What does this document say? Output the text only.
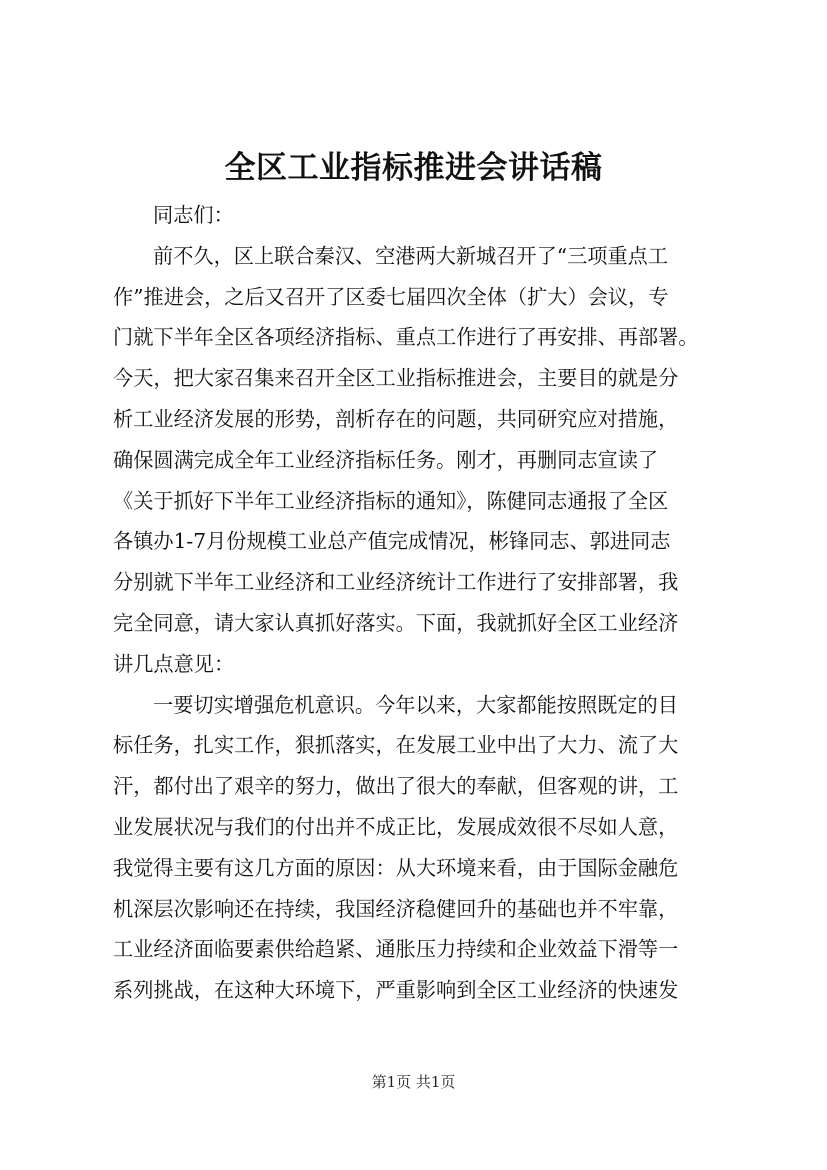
全区工业指标推进会讲话稿

同志们：

前不久，区上联合秦汉、空港两大新城召开了“三项重点工

作”推进会，之后又召开了区委七届四次全体（扩大）会议，专

门就下半年全区各项经济指标、重点工作进行了再安排、再部署。

今天，把大家召集来召开全区工业指标推进会，主要目的就是分

析工业经济发展的形势，剖析存在的问题，共同研究应对措施，

确保圆满完成全年工业经济指标任务。刚才，再删同志宣读了

《关于抓好下半年工业经济指标的通知》，陈健同志通报了全区

各镇办1-7月份规模工业总产值完成情况，彬锋同志、郭进同志

分别就下半年工业经济和工业经济统计工作进行了安排部署，我

完全同意，请大家认真抓好落实。下面，我就抓好全区工业经济

讲几点意见：

一要切实增强危机意识。今年以来，大家都能按照既定的目

标任务，扎实工作，狠抓落实，在发展工业中出了大力、流了大

汗，都付出了艰辛的努力，做出了很大的奉献，但客观的讲，工

业发展状况与我们的付出并不成正比，发展成效很不尽如人意，

我觉得主要有这几方面的原因：从大环境来看，由于国际金融危

机深层次影响还在持续，我国经济稳健回升的基础也并不牢靠，

工业经济面临要素供给趋紧、通胀压力持续和企业效益下滑等一

系列挑战，在这种大环境下，严重影响到全区工业经济的快速发

第1页 共1页
